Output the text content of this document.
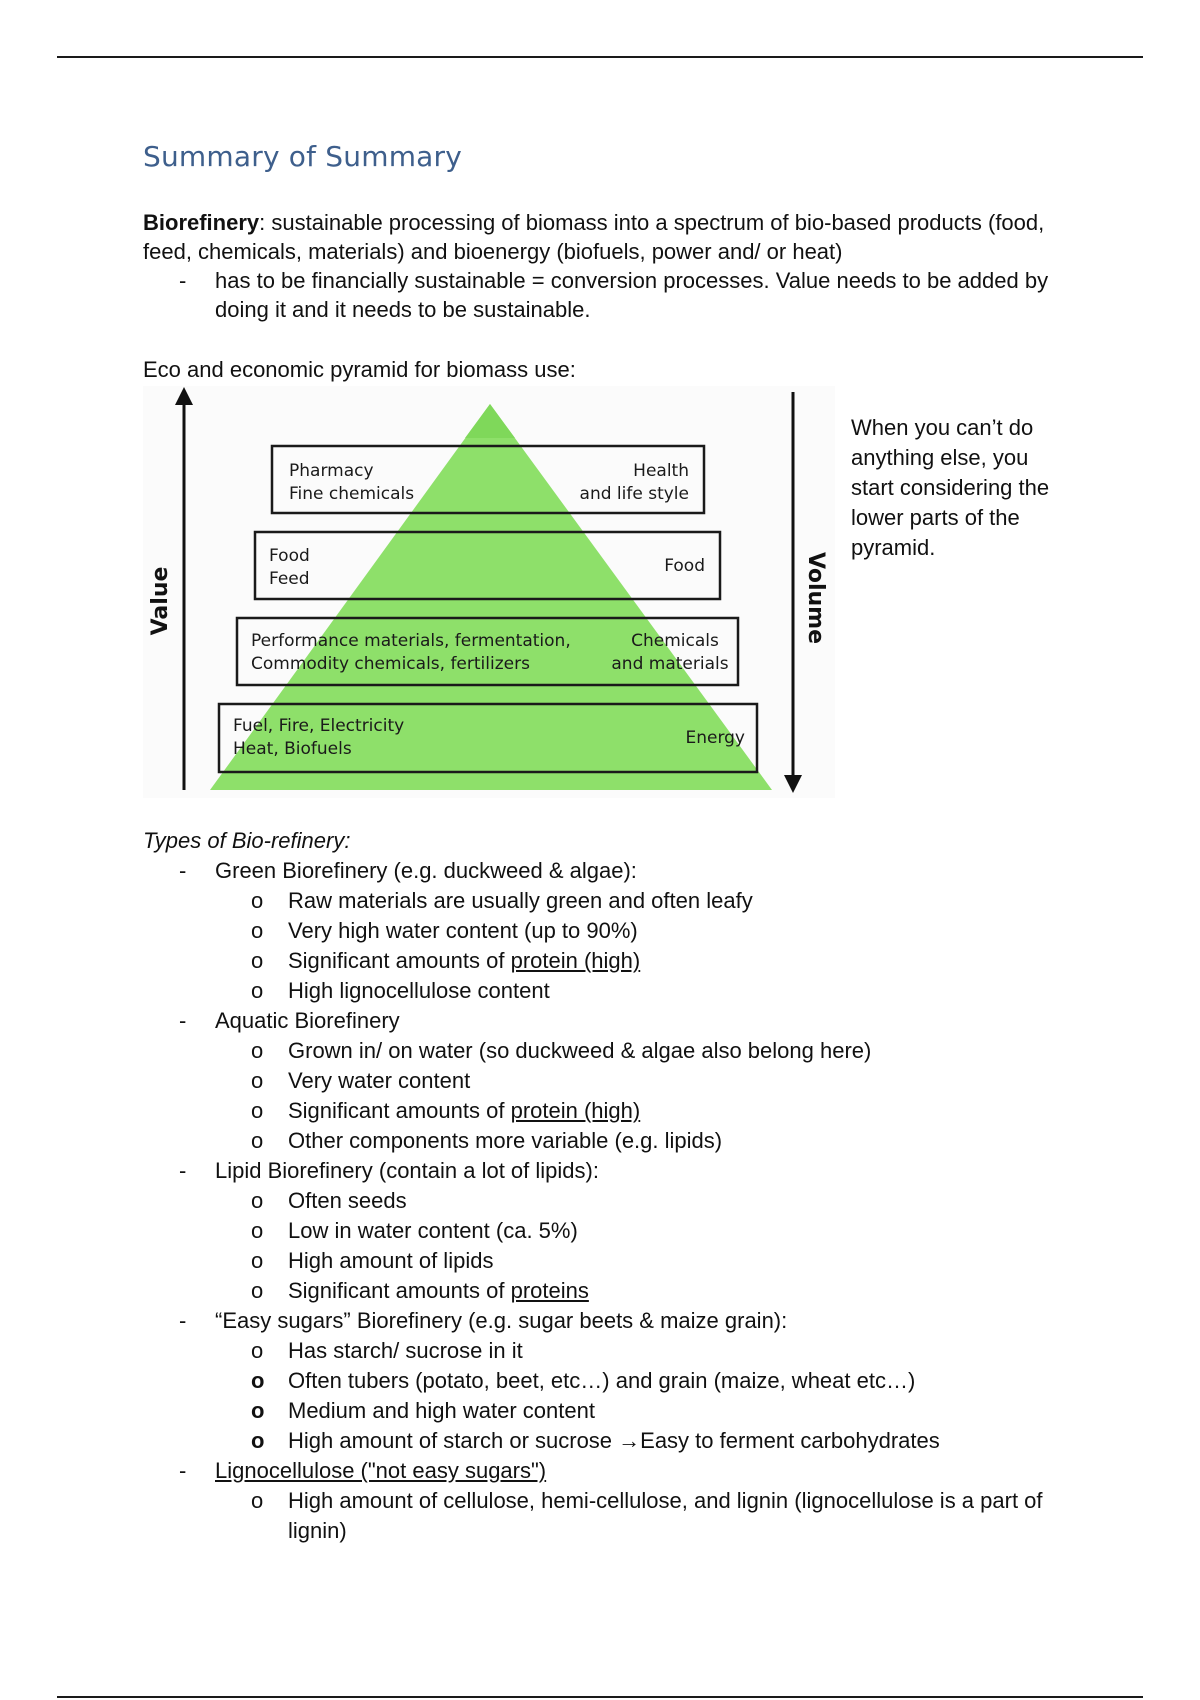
Summary of Summary

Biorefinery: sustainable processing of biomass into a spectrum of bio-based products (food, feed, chemicals, materials) and bioenergy (biofuels, power and/ or heat)

-	has to be financially sustainable = conversion processes. Value needs to be added by doing it and it needs to be sustainable.

Eco and economic pyramid for biomass use:

Value	Volume
Pharmacy
Fine chemicals
Health
and life style
Food
Feed
Food
Performance materials, fermentation,
Commodity chemicals, fertilizers
Chemicals
and materials
Fuel, Fire, Electricity
Heat, Biofuels
Energy
When you can’t do anything else, you start considering the lower parts of the pyramid.
Types of Bio-refinery:
- Green Biorefinery (e.g. duckweed & algae):
o	Raw materials are usually green and often leafy
o	Very high water content (up to 90%)
o	Significant amounts of protein (high)
o	High lignocellulose content
- Aquatic Biorefinery
o	Grown in/ on water (so duckweed & algae also belong here)
o	Very water content
o	Significant amounts of protein (high)
o	Other components more variable (e.g. lipids)
- Lipid Biorefinery (contain a lot of lipids):
o	Often seeds
o	Low in water content (ca. 5%)
o	High amount of lipids
o	Significant amounts of proteins
- “Easy sugars” Biorefinery (e.g. sugar beets & maize grain):
o	Has starch/ sucrose in it
o Often tubers (potato, beet, etc…) and grain (maize, wheat etc…)
o Medium and high water content
o High amount of starch or sucrose →Easy to ferment carbohydrates
- Lignocellulose ("not easy sugars")
o	High amount of cellulose, hemi-cellulose, and lignin (lignocellulose is a part of lignin)
